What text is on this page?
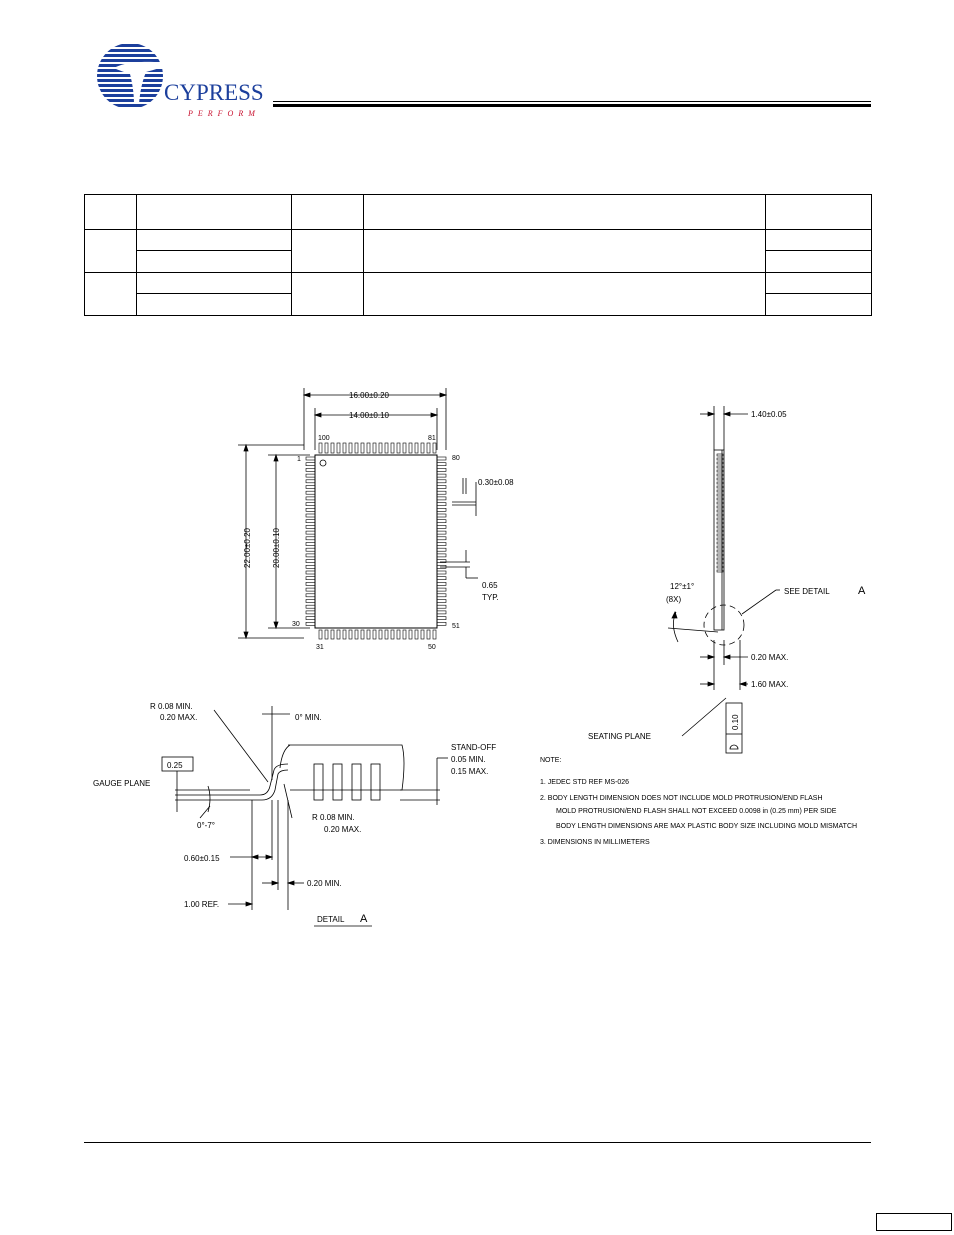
CYPRESS
PERFORM

16.00±0.20
14.00±0.10
100	81
1	80
30	51
31	50
22.00±0.20	20.00±0.10
0.30±0.08
0.65
TYP.
1.40±0.05
12°±1°
(8X)
SEE DETAIL	A
0.20 MAX.
1.60 MAX.
0.10
SEATING PLANE
R 0.08 MIN.
0.20 MAX.	0° MIN.
STAND-OFF
0.05 MIN.
0.15 MAX.
0.25
GAUGE PLANE
0°-7°
R 0.08 MIN.
0.20 MAX.
0.60±0.15
0.20 MIN.
1.00 REF.
DETAIL A
NOTE:
1. JEDEC STD REF MS-026
2. BODY LENGTH DIMENSION DOES NOT INCLUDE MOLD PROTRUSION/END FLASH
MOLD PROTRUSION/END FLASH SHALL NOT EXCEED 0.0098 in (0.25 mm) PER SIDE
BODY LENGTH DIMENSIONS ARE MAX PLASTIC BODY SIZE INCLUDING MOLD MISMATCH
3. DIMENSIONS IN MILLIMETERS
